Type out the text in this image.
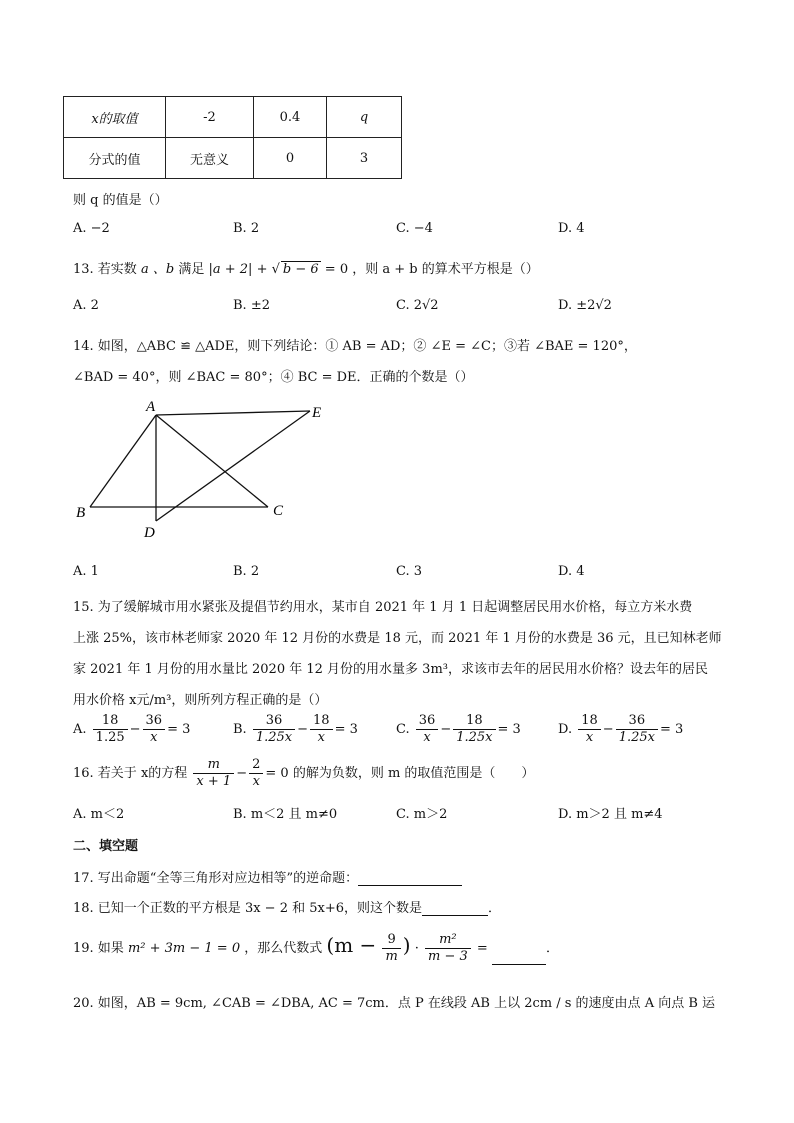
x的取值	-2	0.4	q
分式的值	无意义	0	3
则 q 的值是（）
A. −2	B. 2	C. −4	D. 4
13. 若实数 a 、b 满足 |a + 2| + √ b − 6 = 0 ，则 a + b 的算术平方根是（）
A. 2	B. ±2	C. 2√2	D. ±2√2
14. 如图，△ABC ≌ △ADE，则下列结论：① AB = AD；② ∠E = ∠C；③若 ∠BAE = 120°，
∠BAD = 40°，则 ∠BAC = 80°；④ BC = DE．正确的个数是（）
A
B	C
D
E
A. 1	B. 2	C. 3	D. 4
15. 为了缓解城市用水紧张及提倡节约用水，某市自 2021 年 1 月 1 日起调整居民用水价格，每立方米水费
上涨 25%，该市林老师家 2020 年 12 月份的水费是 18 元，而 2021 年 1 月份的水费是 36 元，且已知林老师
家 2021 年 1 月份的用水量比 2020 年 12 月份的用水量多 3m³，求该市去年的居民用水价格？设去年的居民
用水价格 x元/m³，则所列方程正确的是（）
A. $\frac{18}{1.25} - \frac{36}{x} = 3$	B. $\frac{36}{1.25x} - \frac{18}{x} = 3$	C. $\frac{36}{x} - \frac{18}{1.25x} = 3$	D. $\frac{18}{x} - \frac{36}{1.25x} = 3$
16. 若关于 x的方程 $\frac{m}{x + 1} - \frac{2}{x} = 0$ 的解为负数，则 m 的取值范围是（　　）
A. m＜2	B. m＜2 且 m≠0	C. m＞2	D. m＞2 且 m≠4
二、填空题
17. 写出命题“全等三角形对应边相等”的逆命题：
18. 已知一个正数的平方根是 3x − 2 和 5x+6，则这个数是	．
19. 如果 m² + 3m − 1 = 0 ，那么代数式 ($m - \frac{9}{m}$ ) · $\frac{\text{m²}}{m - 3}$ =	．
20. 如图，AB = 9cm, ∠CAB = ∠DBA, AC = 7cm．点 P 在线段 AB 上以 2cm / s 的速度由点 A 向点 B 运
